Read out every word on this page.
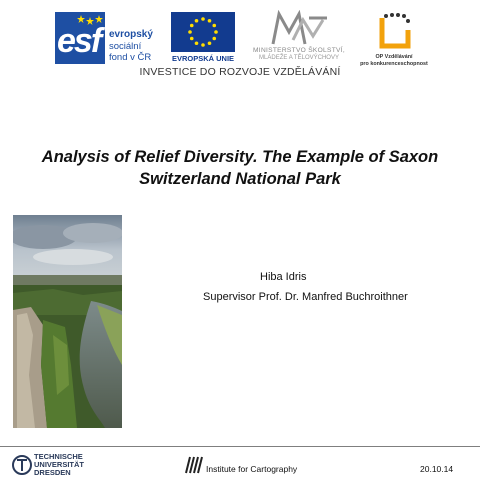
esf evropský
sociální
fond v ČR	EVROPSKÁ UNIE
MINISTERSTVO ŠKOLSTVÍ,
MLÁDEŽE A TĚLOVÝCHOVY	OP Vzdělávání
pro konkurenceschopnost
INVESTICE DO ROZVOJE VZDĚLÁVÁNÍ
Analysis of Relief Diversity. The Example of Saxon
Switzerland National Park
Hiba Idris
Supervisor Prof. Dr. Manfred Buchroithner
TECHNISCHE
UNIVERSITÄT
DRESDEN	Institute for Cartography	20.10.14
